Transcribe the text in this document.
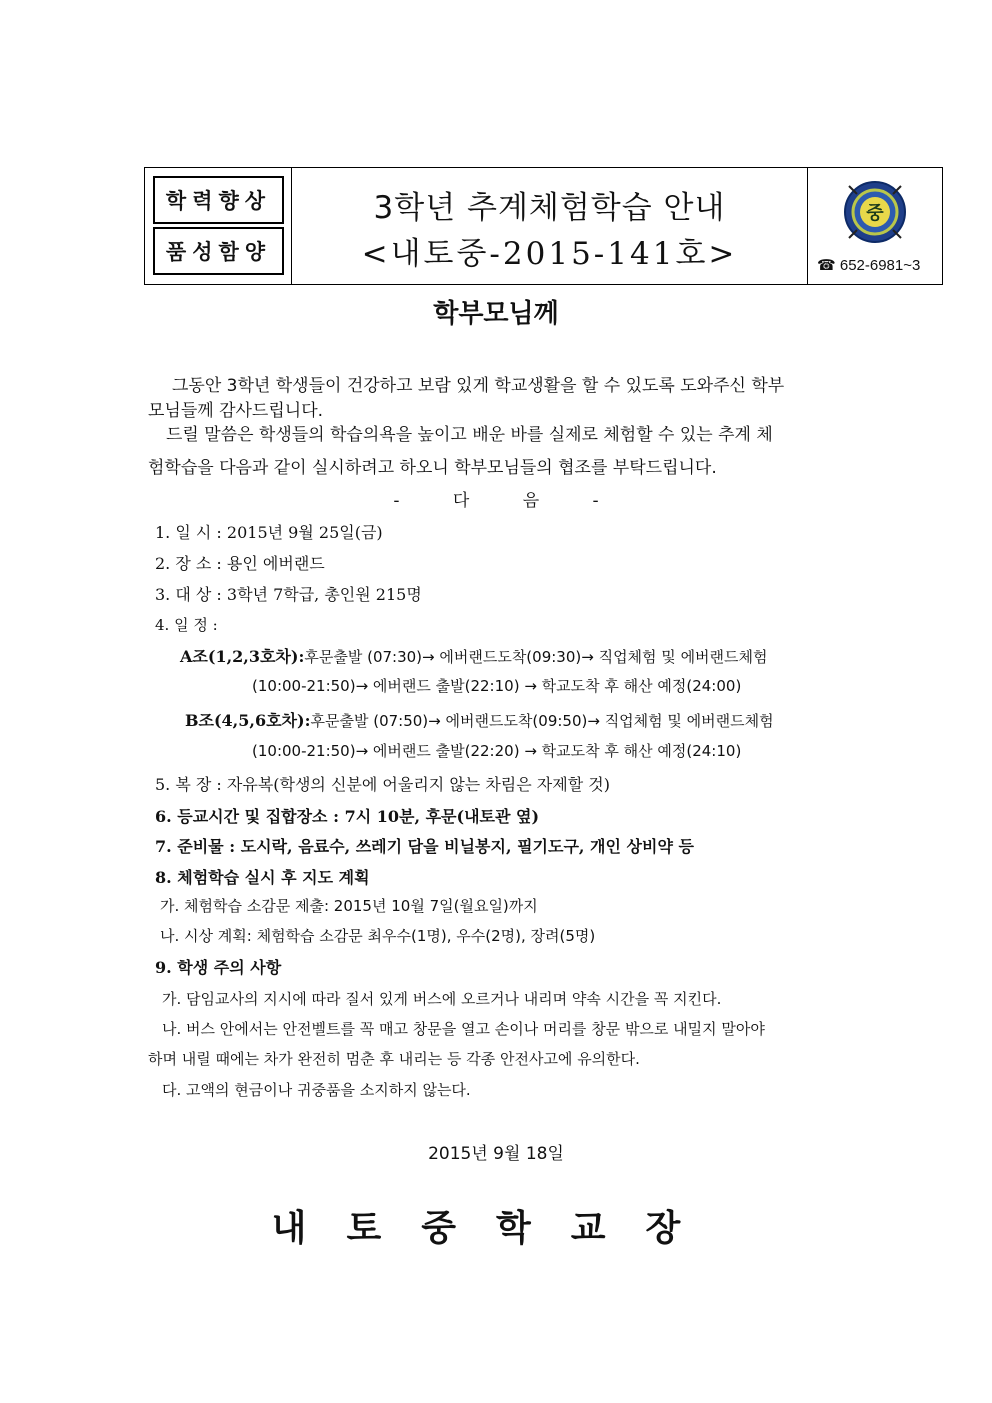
학력향상
품성함양
3학년 추계체험학습 안내
<내토중-2015-141호>
중
☎ 652-6981~3
학부모님께
그동안 3학년 학생들이 건강하고 보람 있게 학교생활을 할 수 있도록 도와주신 학부
모님들께 감사드립니다.
드릴 말씀은 학생들의 학습의욕을 높이고 배운 바를 실제로 체험할 수 있는 추계 체
험학습을 다음과 같이 실시하려고 하오니 학부모님들의 협조를 부탁드립니다.
- 다 음 -
1. 일 시 : 2015년 9월 25일(금)
2. 장 소 : 용인 에버랜드
3. 대 상 : 3학년 7학급, 총인원 215명
4. 일 정 :
A조(1,2,3호차):후문출발 (07:30)→ 에버랜드도착(09:30)→ 직업체험 및 에버랜드체험
(10:00-21:50)→ 에버랜드 출발(22:10) → 학교도착 후 해산 예정(24:00)
B조(4,5,6호차):후문출발 (07:50)→ 에버랜드도착(09:50)→ 직업체험 및 에버랜드체험
(10:00-21:50)→ 에버랜드 출발(22:20) → 학교도착 후 해산 예정(24:10)
5. 복 장 : 자유복(학생의 신분에 어울리지 않는 차림은 자제할 것)
6. 등교시간 및 집합장소 : 7시 10분, 후문(내토관 옆)
7. 준비물 : 도시락, 음료수, 쓰레기 담을 비닐봉지, 필기도구, 개인 상비약 등
8. 체험학습 실시 후 지도 계획
가. 체험학습 소감문 제출: 2015년 10월 7일(월요일)까지
나. 시상 계획: 체험학습 소감문 최우수(1명), 우수(2명), 장려(5명)
9. 학생 주의 사항
가. 담임교사의 지시에 따라 질서 있게 버스에 오르거나 내리며 약속 시간을 꼭 지킨다.
나. 버스 안에서는 안전벨트를 꼭 매고 창문을 열고 손이나 머리를 창문 밖으로 내밀지 말아야
하며 내릴 때에는 차가 완전히 멈춘 후 내리는 등 각종 안전사고에 유의한다.
다. 고액의 현금이나 귀중품을 소지하지 않는다.
2015년 9월 18일
내토중학교장
